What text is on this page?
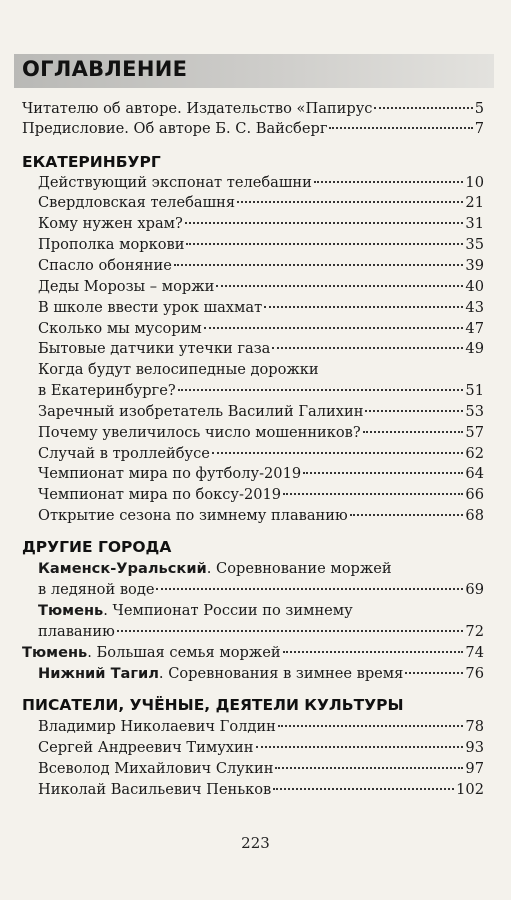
ОГЛАВЛЕНИЕ
Читателю об авторе. Издательство «Папирус	5
Предисловие. Об авторе Б. С. Вайсберг	7
ЕКАТЕРИНБУРГ
Действующий экспонат телебашни	10
Свердловская телебашня	21
Кому нужен храм?	31
Прополка моркови	35
Спасло обоняние	39
Деды Морозы – моржи	40
В школе ввести урок шахмат	43
Сколько мы мусорим	47
Бытовые датчики утечки газа	49
Когда будут велосипедные дорожки
в Екатеринбурге?	51
Заречный изобретатель Василий Галихин	53
Почему увеличилось число мошенников?	57
Случай в троллейбусе	62
Чемпионат мира по футболу-2019	64
Чемпионат мира по боксу-2019	66
Открытие сезона по зимнему плаванию	68
ДРУГИЕ ГОРОДА
Каменск-Уральский. Соревнование моржей
в ледяной воде	69
Тюмень. Чемпионат России по зимнему
плаванию	72
Тюмень. Большая семья моржей	74
Нижний Тагил. Соревнования в зимнее время	76
ПИСАТЕЛИ, УЧЁНЫЕ, ДЕЯТЕЛИ КУЛЬТУРЫ
Владимир Николаевич Голдин	78
Сергей Андреевич Тимухин	93
Всеволод Михайлович Слукин	97
Николай Васильевич Пеньков	102
223
